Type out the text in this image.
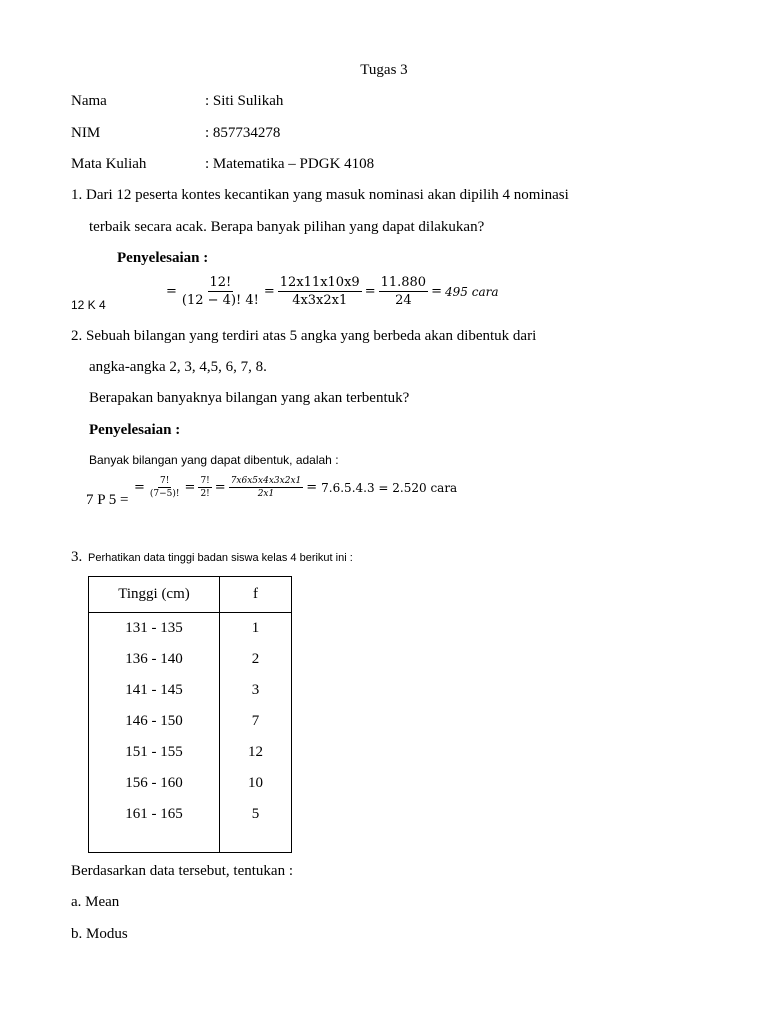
Tugas 3
Nama	: Siti Sulikah
NIM	: 857734278
Mata Kuliah	: Matematika – PDGK 4108
1. Dari 12 peserta kontes kecantikan yang masuk nominasi akan dipilih 4 nominasi
terbaik secara acak. Berapa banyak pilihan yang dapat dilakukan?
Penyelesaian :
12 K 4
= $\frac{12!}{(12 - 4)! 4!} = \frac{12x11x10x9}{4x3x2x1} = \frac{11.880}{24} = 495$ cara
2. Sebuah bilangan yang terdiri atas 5 angka yang berbeda akan dibentuk dari
angka-angka 2, 3, 4,5, 6, 7, 8.
Berapakan banyaknya bilangan yang akan terbentuk?
Penyelesaian :
Banyak bilangan yang dapat dibentuk, adalah :
7 P 5 =
= $\frac{7!}{(7-5)!} = \frac{7!}{2!} = \frac{7x6x5x4x3x2x1}{2x1} = 7.6.5.4.3 = 2.520$ cara
3. Perhatikan data tinggi badan siswa kelas 4 berikut ini :
Tinggi (cm)	f
131 - 135	1
136 - 140	2
141 - 145	3
146 - 150	7
151 - 155	12
156 - 160	10
161 - 165	5

Berdasarkan data tersebut, tentukan :
a. Mean
b. Modus
